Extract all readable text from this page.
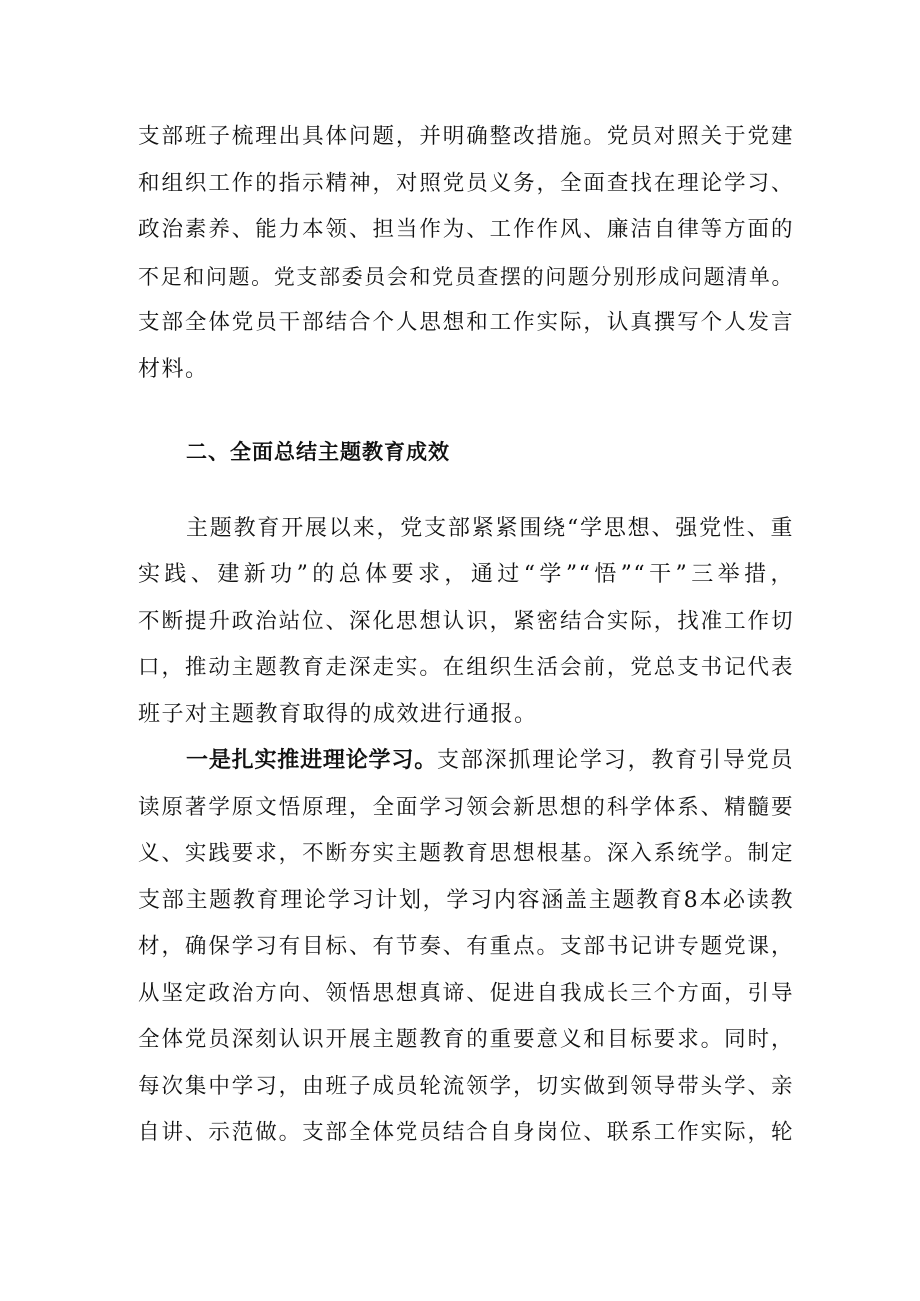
支部班子梳理出具体问题，并明确整改措施。党员对照关于党建
和组织工作的指示精神，对照党员义务，全面查找在理论学习、
政治素养、能力本领、担当作为、工作作风、廉洁自律等方面的
不足和问题。党支部委员会和党员查摆的问题分别形成问题清单。
支部全体党员干部结合个人思想和工作实际，认真撰写个人发言
材料。
二、全面总结主题教育成效
主题教育开展以来，党支部紧紧围绕“学思想、强党性、重
实践、建新功”的总体要求，通过“学”“悟”“干”三举措，
不断提升政治站位、深化思想认识，紧密结合实际，找准工作切
口，推动主题教育走深走实。在组织生活会前，党总支书记代表
班子对主题教育取得的成效进行通报。
一是扎实推进理论学习。支部深抓理论学习，教育引导党员
读原著学原文悟原理，全面学习领会新思想的科学体系、精髓要
义、实践要求，不断夯实主题教育思想根基。深入系统学。制定
支部主题教育理论学习计划，学习内容涵盖主题教育8本必读教
材，确保学习有目标、有节奏、有重点。支部书记讲专题党课，
从坚定政治方向、领悟思想真谛、促进自我成长三个方面，引导
全体党员深刻认识开展主题教育的重要意义和目标要求。同时，
每次集中学习，由班子成员轮流领学，切实做到领导带头学、亲
自讲、示范做。支部全体党员结合自身岗位、联系工作实际，轮
